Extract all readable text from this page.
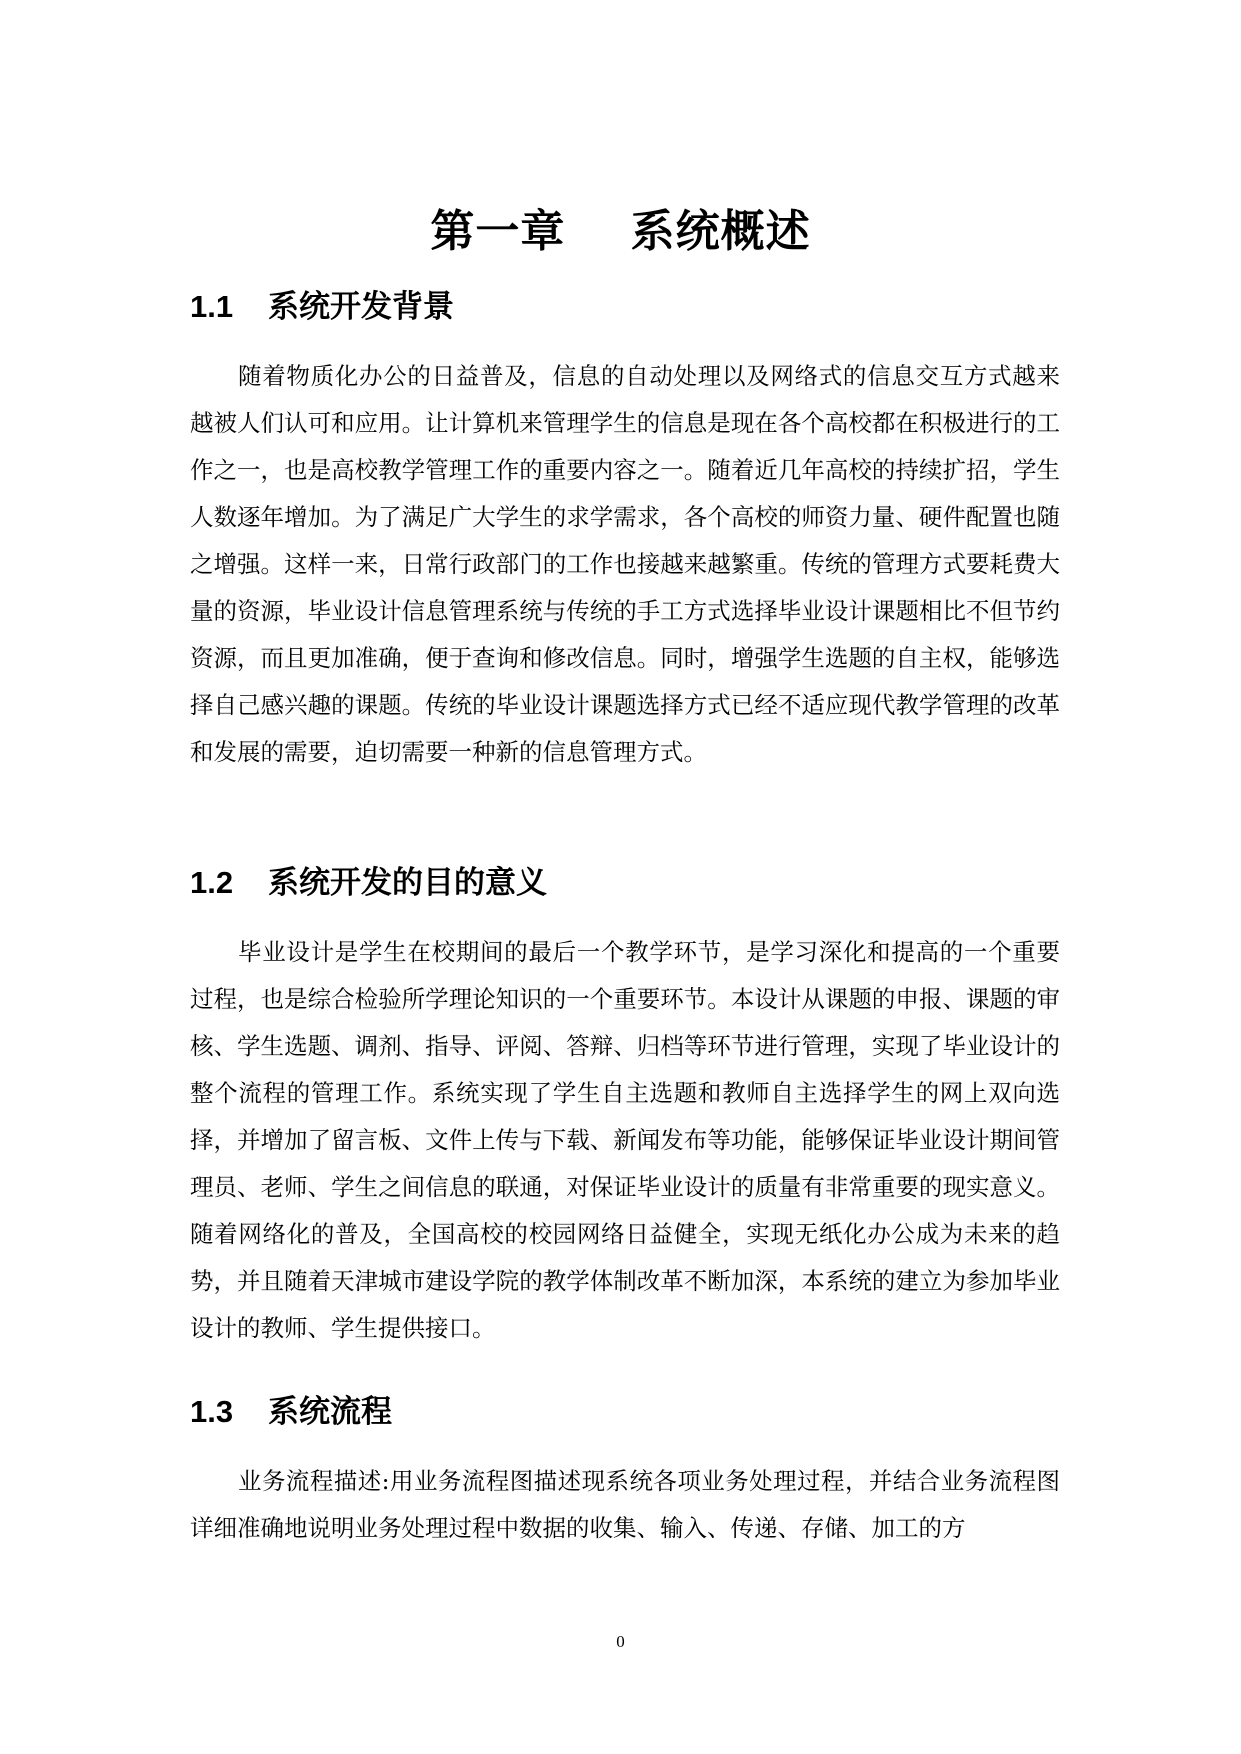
第一章    系统概述
1.1 系统开发背景

随着物质化办公的日益普及，信息的自动处理以及网络式的信息交互方式越来越被人们认可和应用。让计算机来管理学生的信息是现在各个高校都在积极进行的工作之一，也是高校教学管理工作的重要内容之一。随着近几年高校的持续扩招，学生人数逐年增加。为了满足广大学生的求学需求，各个高校的师资力量、硬件配置也随之增强。这样一来，日常行政部门的工作也接越来越繁重。传统的管理方式要耗费大量的资源，毕业设计信息管理系统与传统的手工方式选择毕业设计课题相比不但节约资源，而且更加准确，便于查询和修改信息。同时，增强学生选题的自主权，能够选择自己感兴趣的课题。传统的毕业设计课题选择方式已经不适应现代教学管理的改革和发展的需要，迫切需要一种新的信息管理方式。

1.2 系统开发的目的意义

毕业设计是学生在校期间的最后一个教学环节，是学习深化和提高的一个重要过程，也是综合检验所学理论知识的一个重要环节。本设计从课题的申报、课题的审核、学生选题、调剂、指导、评阅、答辩、归档等环节进行管理，实现了毕业设计的整个流程的管理工作。系统实现了学生自主选题和教师自主选择学生的网上双向选择，并增加了留言板、文件上传与下载、新闻发布等功能，能够保证毕业设计期间管理员、老师、学生之间信息的联通，对保证毕业设计的质量有非常重要的现实意义。随着网络化的普及，全国高校的校园网络日益健全，实现无纸化办公成为未来的趋势，并且随着天津城市建设学院的教学体制改革不断加深，本系统的建立为参加毕业设计的教师、学生提供接口。

1.3 系统流程

业务流程描述:用业务流程图描述现系统各项业务处理过程，并结合业务流程图详细准确地说明业务处理过程中数据的收集、输入、传递、存储、加工的方

0
